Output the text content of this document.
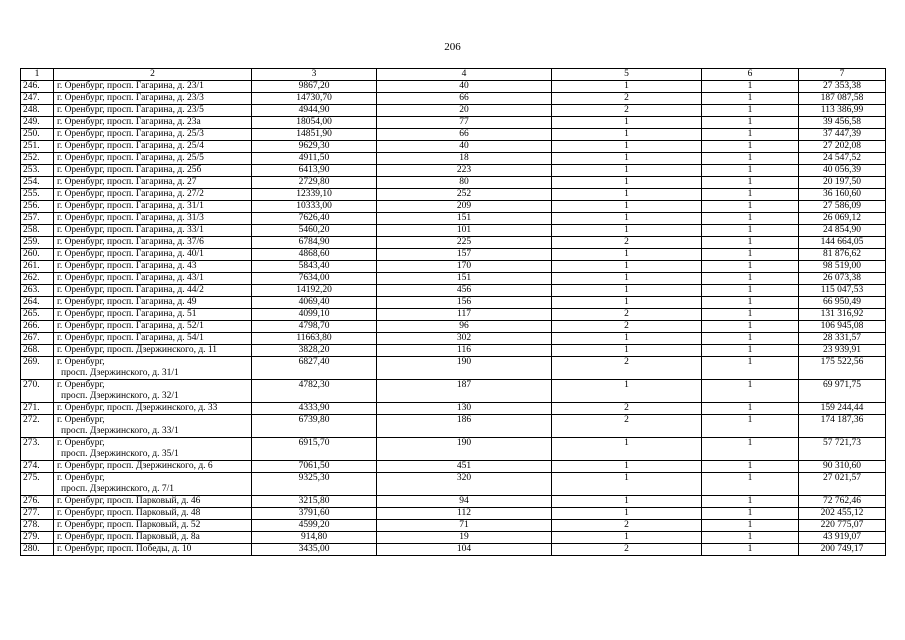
206
1	2	3	4	5	6	7
246.	г. Оренбург, просп. Гагарина, д. 23/1	9867,20	40	1	1	27 353,38
247.	г. Оренбург, просп. Гагарина, д. 23/3	14730,70	66	2	1	187 087,58
248.	г. Оренбург, просп. Гагарина, д. 23/5	4944,90	20	2	1	113 386,99
249.	г. Оренбург, просп. Гагарина, д. 23а	18054,00	77	1	1	39 456,58
250.	г. Оренбург, просп. Гагарина, д. 25/3	14851,90	66	1	1	37 447,39
251.	г. Оренбург, просп. Гагарина, д. 25/4	9629,30	40	1	1	27 202,08
252.	г. Оренбург, просп. Гагарина, д. 25/5	4911,50	18	1	1	24 547,52
253.	г. Оренбург, просп. Гагарина, д. 25б	6413,90	223	1	1	40 056,39
254.	г. Оренбург, просп. Гагарина, д. 27	2729,80	80	1	1	20 197,50
255.	г. Оренбург, просп. Гагарина, д. 27/2	12339,10	252	1	1	36 160,60
256.	г. Оренбург, просп. Гагарина, д. 31/1	10333,00	209	1	1	27 586,09
257.	г. Оренбург, просп. Гагарина, д. 31/3	7626,40	151	1	1	26 069,12
258.	г. Оренбург, просп. Гагарина, д. 33/1	5460,20	101	1	1	24 854,90
259.	г. Оренбург, просп. Гагарина, д. 37/6	6784,90	225	2	1	144 664,05
260.	г. Оренбург, просп. Гагарина, д. 40/1	4868,60	157	1	1	81 876,62
261.	г. Оренбург, просп. Гагарина, д. 43	5843,40	170	1	1	98 519,00
262.	г. Оренбург, просп. Гагарина, д. 43/1	7634,00	151	1	1	26 073,38
263.	г. Оренбург, просп. Гагарина, д. 44/2	14192,20	456	1	1	115 047,53
264.	г. Оренбург, просп. Гагарина, д. 49	4069,40	156	1	1	66 950,49
265.	г. Оренбург, просп. Гагарина, д. 51	4099,10	117	2	1	131 316,92
266.	г. Оренбург, просп. Гагарина, д. 52/1	4798,70	96	2	1	106 945,08
267.	г. Оренбург, просп. Гагарина, д. 54/1	11663,80	302	1	1	28 331,57
268.	г. Оренбург, просп. Дзержинского, д. 11	3828,20	116	1	1	23 939,91
269.	г. Оренбург,
просп. Дзержинского, д. 31/1	6827,40	190	2	1	175 522,56
270.	г. Оренбург,
просп. Дзержинского, д. 32/1	4782,30	187	1	1	69 971,75
271.	г. Оренбург, просп. Дзержинского, д. 33	4333,90	130	2	1	159 244,44
272.	г. Оренбург,
просп. Дзержинского, д. 33/1	6739,80	186	2	1	174 187,36
273.	г. Оренбург,
просп. Дзержинского, д. 35/1	6915,70	190	1	1	57 721,73
274.	г. Оренбург, просп. Дзержинского, д. 6	7061,50	451	1	1	90 310,60
275.	г. Оренбург,
просп. Дзержинского, д. 7/1	9325,30	320	1	1	27 021,57
276.	г. Оренбург, просп. Парковый, д. 46	3215,80	94	1	1	72 762,46
277.	г. Оренбург, просп. Парковый, д. 48	3791,60	112	1	1	202 455,12
278.	г. Оренбург, просп. Парковый, д. 52	4599,20	71	2	1	220 775,07
279.	г. Оренбург, просп. Парковый, д. 8а	914,80	19	1	1	43 919,07
280.	г. Оренбург, просп. Победы, д. 10	3435,00	104	2	1	200 749,17
